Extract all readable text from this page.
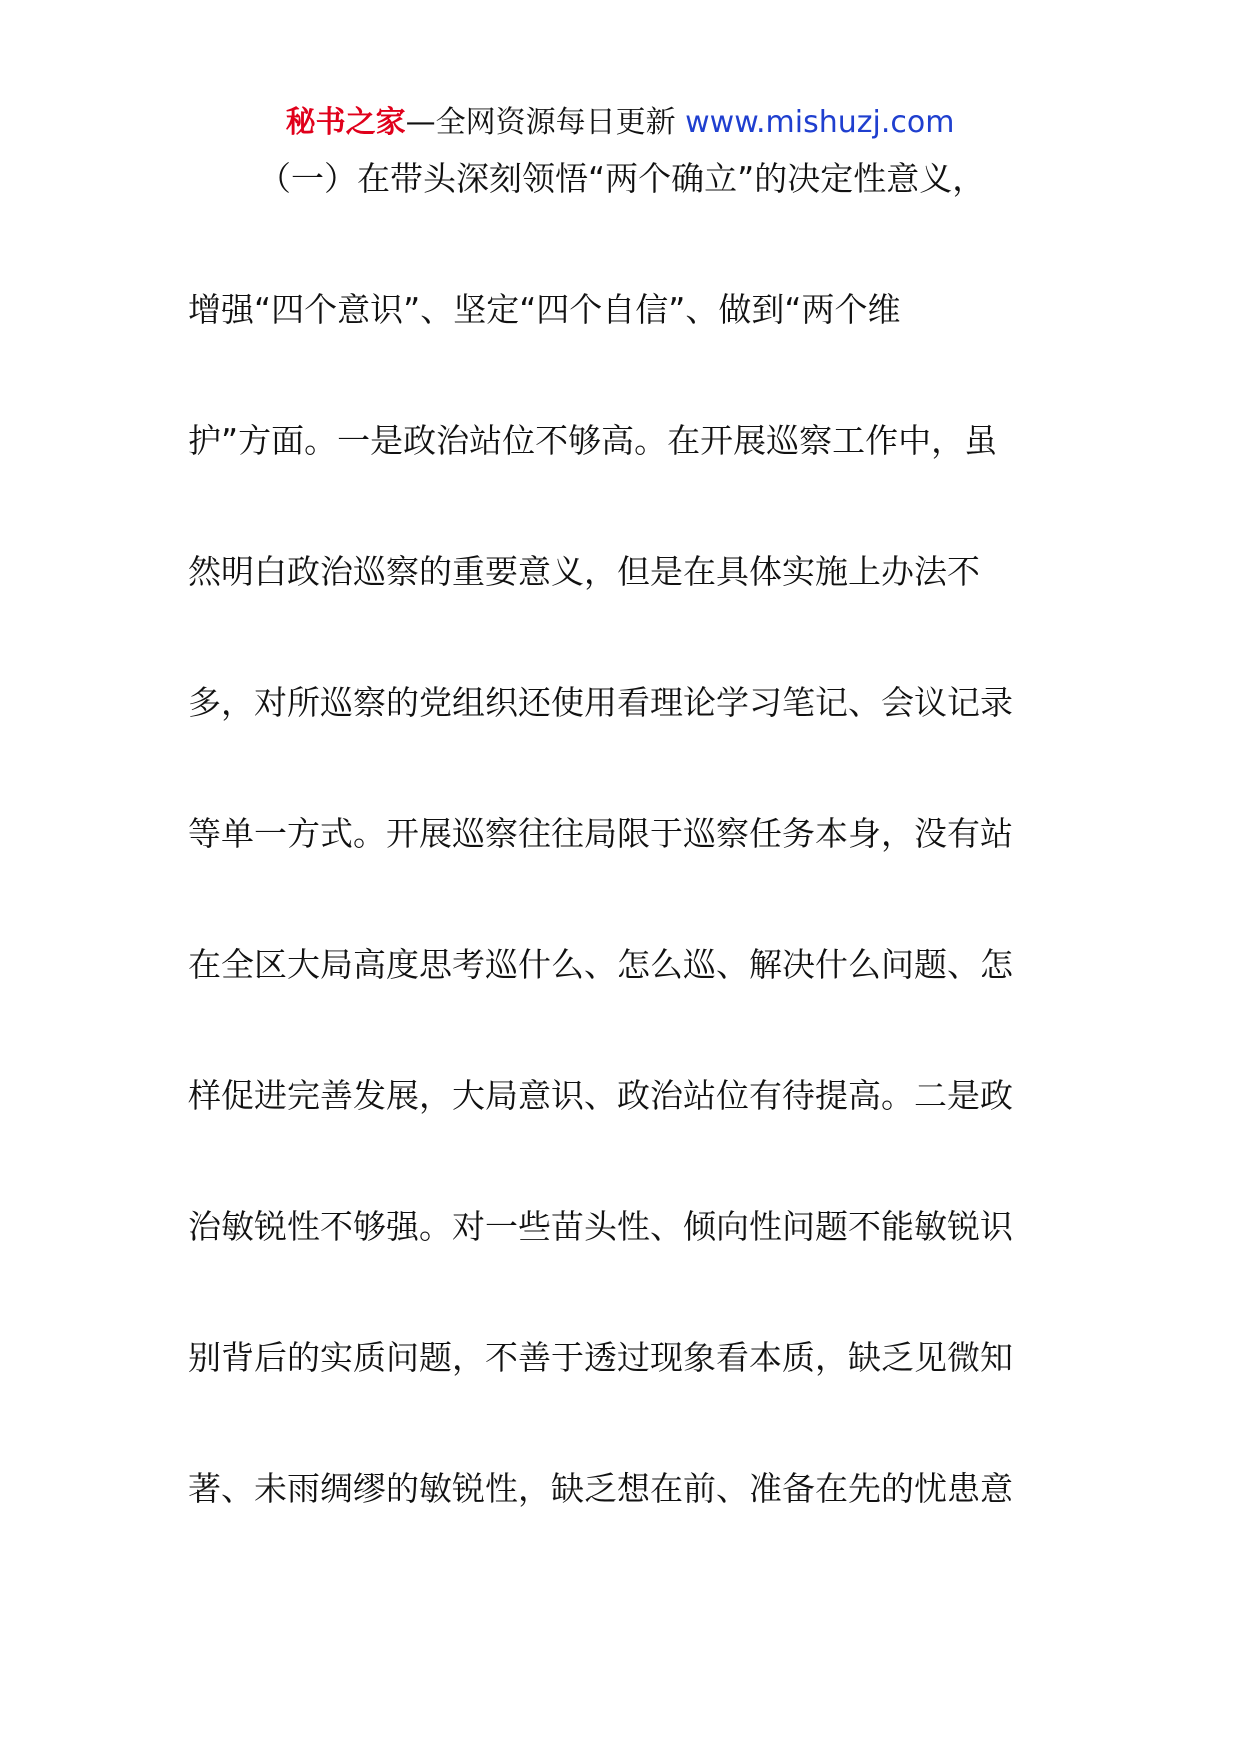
秘书之家—全网资源每日更新 www.mishuzj.com
（一）在带头深刻领悟“两个确立”的决定性意义，
增强“四个意识”、坚定“四个自信”、做到“两个维
护”方面。一是政治站位不够高。在开展巡察工作中，虽
然明白政治巡察的重要意义，但是在具体实施上办法不
多，对所巡察的党组织还使用看理论学习笔记、会议记录
等单一方式。开展巡察往往局限于巡察任务本身，没有站
在全区大局高度思考巡什么、怎么巡、解决什么问题、怎
样促进完善发展，大局意识、政治站位有待提高。二是政
治敏锐性不够强。对一些苗头性、倾向性问题不能敏锐识
别背后的实质问题，不善于透过现象看本质，缺乏见微知
著、未雨绸缪的敏锐性，缺乏想在前、准备在先的忧患意
